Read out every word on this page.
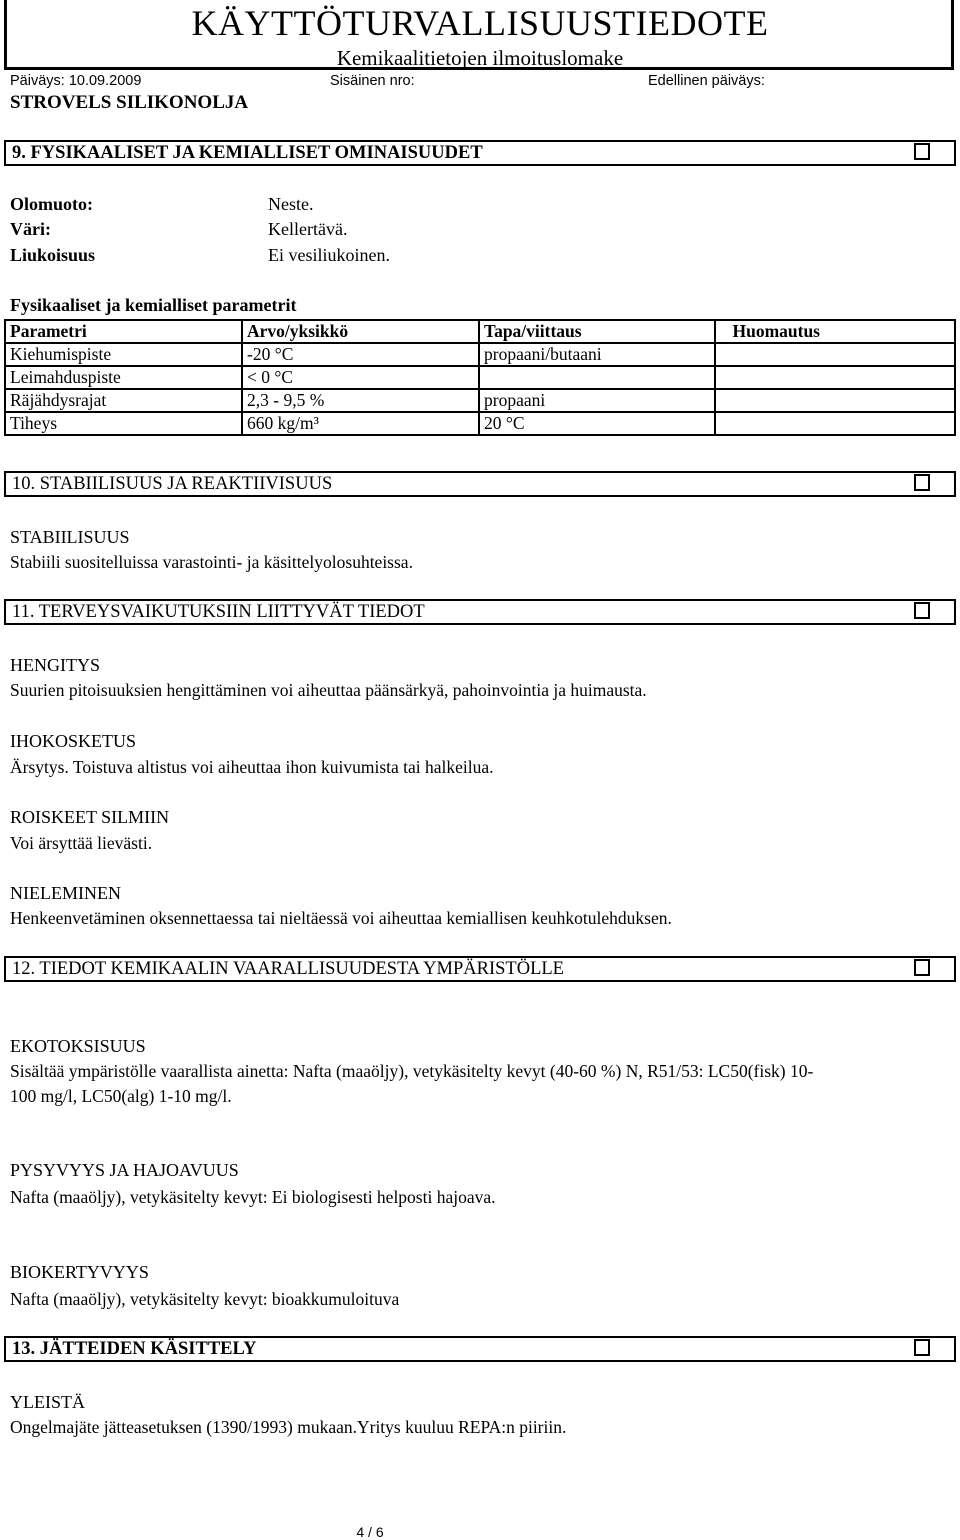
KÄYTTÖTURVALLISUUSTIEDOTE
Kemikaalitietojen ilmoituslomake
Päiväys: 10.09.2009	Sisäinen nro:	Edellinen päiväys:
STROVELS SILIKONOLJA
9. FYSIKAALISET JA KEMIALLISET OMINAISUUDET
Olomuoto:	Neste.
Väri:	Kellertävä.
Liukoisuus	Ei vesiliukoinen.
Fysikaaliset ja kemialliset parametrit
Parametri	Arvo/yksikkö	Tapa/viittaus	Huomautus
Kiehumispiste	-20 °C	propaani/butaani	
Leimahduspiste	< 0 °C		
Räjähdysrajat	2,3 - 9,5 %	propaani	
Tiheys	660 kg/m³	20 °C	
10. STABIILISUUS JA REAKTIIVISUUS
STABIILISUUS
Stabiili suositelluissa varastointi- ja käsittelyolosuhteissa.
11. TERVEYSVAIKUTUKSIIN LIITTYVÄT TIEDOT
HENGITYS
Suurien pitoisuuksien hengittäminen voi aiheuttaa päänsärkyä, pahoinvointia ja huimausta.
IHOKOSKETUS
Ärsytys. Toistuva altistus voi aiheuttaa ihon kuivumista tai halkeilua.
ROISKEET SILMIIN
Voi ärsyttää lievästi.
NIELEMINEN
Henkeenvetäminen oksennettaessa tai nieltäessä voi aiheuttaa kemiallisen keuhkotulehduksen.
12. TIEDOT KEMIKAALIN VAARALLISUUDESTA YMPÄRISTÖLLE
EKOTOKSISUUS
Sisältää ympäristölle vaarallista ainetta: Nafta (maaöljy), vetykäsitelty kevyt (40-60 %) N, R51/53: LC50(fisk) 10-
100 mg/l, LC50(alg) 1-10 mg/l.
PYSYVYYS JA HAJOAVUUS
Nafta (maaöljy), vetykäsitelty kevyt: Ei biologisesti helposti hajoava.
BIOKERTYVYYS
Nafta (maaöljy), vetykäsitelty kevyt: bioakkumuloituva
13. JÄTTEIDEN KÄSITTELY
YLEISTÄ
Ongelmajäte jätteasetuksen (1390/1993) mukaan.Yritys kuuluu REPA:n piiriin.
4 / 6
